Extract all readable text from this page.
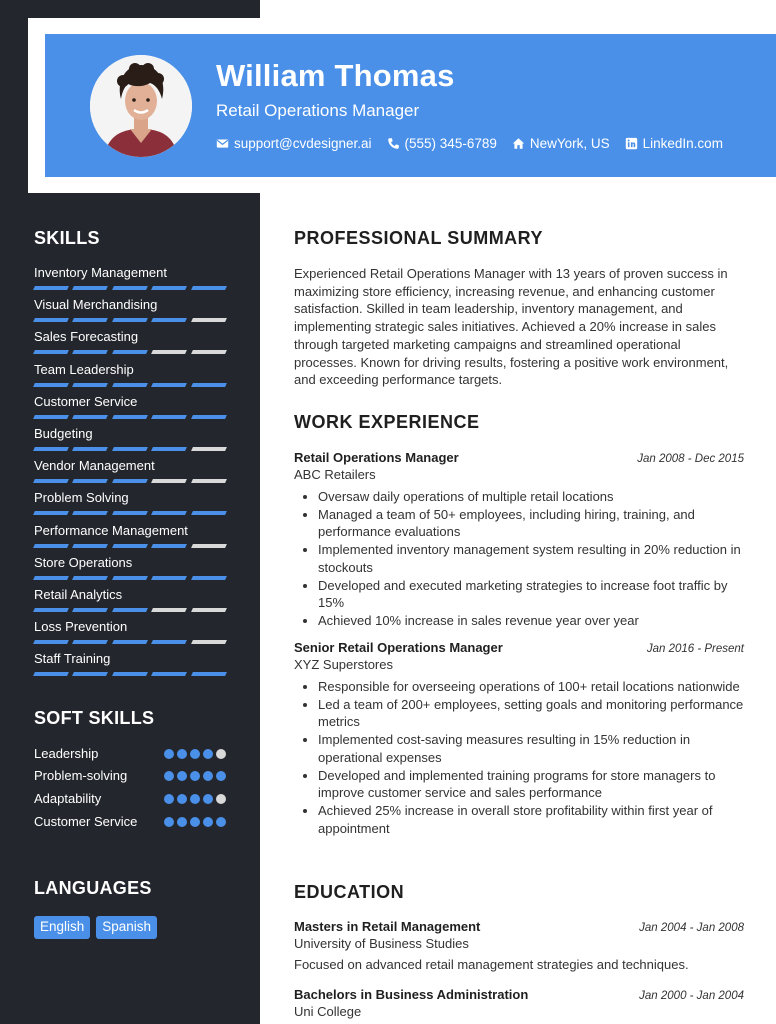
William Thomas
Retail Operations Manager
support@cvdesigner.ai (555) 345-6789 NewYork, US LinkedIn.com
SKILLS
Inventory Management
Visual Merchandising
Sales Forecasting
Team Leadership
Customer Service
Budgeting
Vendor Management
Problem Solving
Performance Management
Store Operations
Retail Analytics
Loss Prevention
Staff Training
SOFT SKILLS
Leadership
Problem-solving
Adaptability
Customer Service
LANGUAGES
English	Spanish
PROFESSIONAL SUMMARY
Experienced Retail Operations Manager with 13 years of proven success in maximizing store efficiency, increasing revenue, and enhancing customer satisfaction. Skilled in team leadership, inventory management, and implementing strategic sales initiatives. Achieved a 20% increase in sales through targeted marketing campaigns and streamlined operational processes. Known for driving results, fostering a positive work environment, and exceeding performance targets.
WORK EXPERIENCE
Retail Operations Manager	Jan 2008 - Dec 2015
ABC Retailers
• Oversaw daily operations of multiple retail locations
• Managed a team of 50+ employees, including hiring, training, and performance evaluations
• Implemented inventory management system resulting in 20% reduction in stockouts
• Developed and executed marketing strategies to increase foot traffic by 15%
• Achieved 10% increase in sales revenue year over year
Senior Retail Operations Manager	Jan 2016 - Present
XYZ Superstores
• Responsible for overseeing operations of 100+ retail locations nationwide
• Led a team of 200+ employees, setting goals and monitoring performance metrics
• Implemented cost-saving measures resulting in 15% reduction in operational expenses
• Developed and implemented training programs for store managers to improve customer service and sales performance
• Achieved 25% increase in overall store profitability within first year of appointment
EDUCATION
Masters in Retail Management	Jan 2004 - Jan 2008
University of Business Studies
Focused on advanced retail management strategies and techniques.
Bachelors in Business Administration	Jan 2000 - Jan 2004
Uni College
